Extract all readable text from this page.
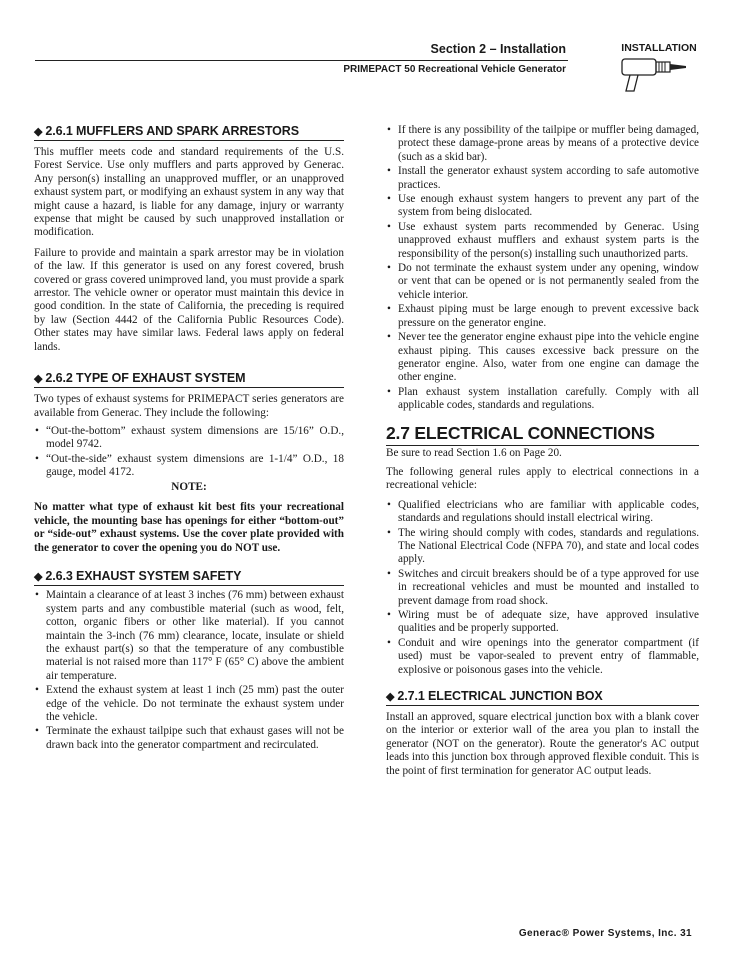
Section 2 – Installation
PRIMEPACT 50 Recreational Vehicle Generator
INSTALLATION
◆ 2.6.1 MUFFLERS AND SPARK ARRESTORS

This muffler meets code and standard requirements of the U.S. Forest Service. Use only mufflers and parts approved by Generac. Any person(s) installing an unapproved muffler, or an unapproved exhaust system part, or modifying an exhaust system in any way that might cause a hazard, is liable for any damage, injury or warranty expense that might be caused by such unapproved installation or modification.

Failure to provide and maintain a spark arrestor may be in violation of the law. If this generator is used on any forest covered, brush covered or grass covered unimproved land, you must provide a spark arrestor. The vehicle owner or operator must maintain this device in good condition. In the state of California, the preceding is required by law (Section 4442 of the California Public Resources Code). Other states may have similar laws. Federal laws apply on federal lands.

◆ 2.6.2 TYPE OF EXHAUST SYSTEM

Two types of exhaust systems for PRIMEPACT series generators are available from Generac. They include the following:

• “Out-the-bottom” exhaust system dimensions are 15/16” O.D., model 9742.
• “Out-the-side” exhaust system dimensions are 1-1/4” O.D., 18 gauge, model 4172.
NOTE:

No matter what type of exhaust kit best fits your recreational vehicle, the mounting base has openings for either “bottom-out” or “side-out” exhaust systems. Use the cover plate provided with the generator to cover the opening you do NOT use.

◆ 2.6.3 EXHAUST SYSTEM SAFETY
• Maintain a clearance of at least 3 inches (76 mm) between exhaust system parts and any combustible material (such as wood, felt, cotton, organic fibers or other like material). If you cannot maintain the 3-inch (76 mm) clearance, locate, insulate or shield the exhaust part(s) so that the temperature of any combustible material is not raised more than 117° F (65° C) above the ambient air temperature.
• Extend the exhaust system at least 1 inch (25 mm) past the outer edge of the vehicle. Do not terminate the exhaust system under the vehicle.
• Terminate the exhaust tailpipe such that exhaust gases will not be drawn back into the generator compartment and recirculated.
• If there is any possibility of the tailpipe or muffler being damaged, protect these damage-prone areas by means of a protective device (such as a skid bar).
• Install the generator exhaust system according to safe automotive practices.
• Use enough exhaust system hangers to prevent any part of the system from being dislocated.
• Use exhaust system parts recommended by Generac. Using unapproved exhaust mufflers and exhaust system parts is the responsibility of the person(s) installing such unauthorized parts.
• Do not terminate the exhaust system under any opening, window or vent that can be opened or is not permanently sealed from the vehicle interior.
• Exhaust piping must be large enough to prevent excessive back pressure on the generator engine.
• Never tee the generator engine exhaust pipe into the vehicle engine exhaust piping. This causes excessive back pressure on the generator engine. Also, water from one engine can damage the other engine.
• Plan exhaust system installation carefully. Comply with all applicable codes, standards and regulations.
2.7 ELECTRICAL CONNECTIONS

Be sure to read Section 1.6 on Page 20.

The following general rules apply to electrical connections in a recreational vehicle:

• Qualified electricians who are familiar with applicable codes, standards and regulations should install electrical wiring.
• The wiring should comply with codes, standards and regulations. The National Electrical Code (NFPA 70), and state and local codes apply.
• Switches and circuit breakers should be of a type approved for use in recreational vehicles and must be mounted and installed to prevent damage from road shock.
• Wiring must be of adequate size, have approved insulative qualities and be properly supported.
• Conduit and wire openings into the generator compartment (if used) must be vapor-sealed to prevent entry of flammable, explosive or poisonous gases into the vehicle.
◆ 2.7.1 ELECTRICAL JUNCTION BOX

Install an approved, square electrical junction box with a blank cover on the interior or exterior wall of the area you plan to install the generator (NOT on the generator). Route the generator's AC output leads into this junction box through approved flexible conduit. This is the point of first termination for generator AC output leads.

Generac® Power Systems, Inc. 31
